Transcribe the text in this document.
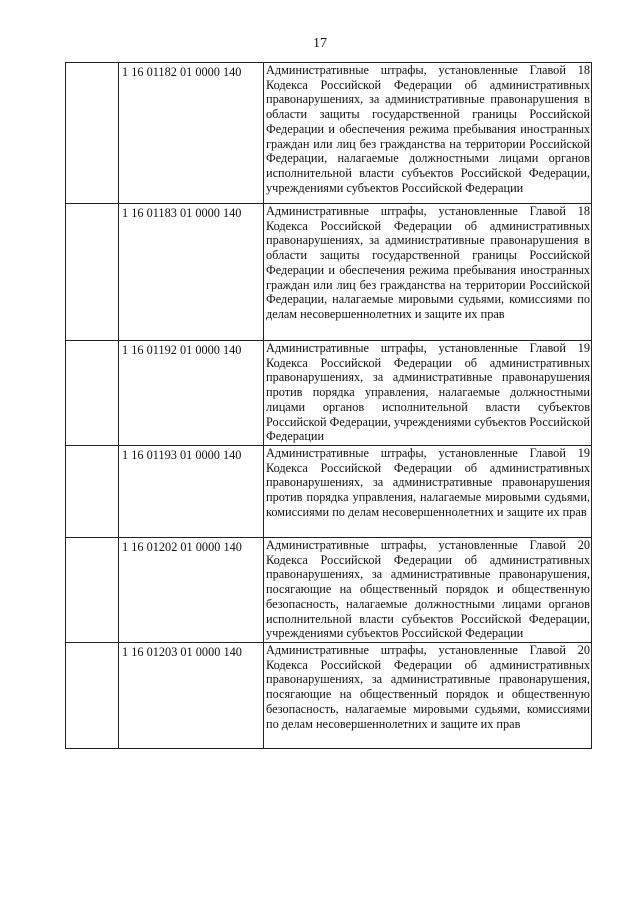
17
	1 16 01182 01 0000 140	Административные штрафы, установленные Главой 18 Кодекса Российской Федерации об административных правонарушениях, за административные правонарушения в области защиты государственной границы Российской Федерации и обеспечения режима пребывания иностранных граждан или лиц без гражданства на территории Российской Федерации, налагаемые должностными лицами органов исполнительной власти субъектов Российской Федерации, учреждениями субъектов Российской Федерации
	1 16 01183 01 0000 140	Административные штрафы, установленные Главой 18 Кодекса Российской Федерации об административных правонарушениях, за административные правонарушения в области защиты государственной границы Российской Федерации и обеспечения режима пребывания иностранных граждан или лиц без гражданства на территории Российской Федерации, налагаемые мировыми судьями, комиссиями по делам несовершеннолетних и защите их прав
	1 16 01192 01 0000 140	Административные штрафы, установленные Главой 19 Кодекса Российской Федерации об административных правонарушениях, за административные правонарушения против порядка управления, налагаемые должностными лицами органов исполнительной власти субъектов Российской Федерации, учреждениями субъектов Российской Федерации
	1 16 01193 01 0000 140	Административные штрафы, установленные Главой 19 Кодекса Российской Федерации об административных правонарушениях, за административные правонарушения против порядка управления, налагаемые мировыми судьями, комиссиями по делам несовершеннолетних и защите их прав
	1 16 01202 01 0000 140	Административные штрафы, установленные Главой 20 Кодекса Российской Федерации об административных правонарушениях, за административные правонарушения, посягающие на общественный порядок и общественную безопасность, налагаемые должностными лицами органов исполнительной власти субъектов Российской Федерации, учреждениями субъектов Российской Федерации
	1 16 01203 01 0000 140	Административные штрафы, установленные Главой 20 Кодекса Российской Федерации об административных правонарушениях, за административные правонарушения, посягающие на общественный порядок и общественную безопасность, налагаемые мировыми судьями, комиссиями по делам несовершеннолетних и защите их прав
